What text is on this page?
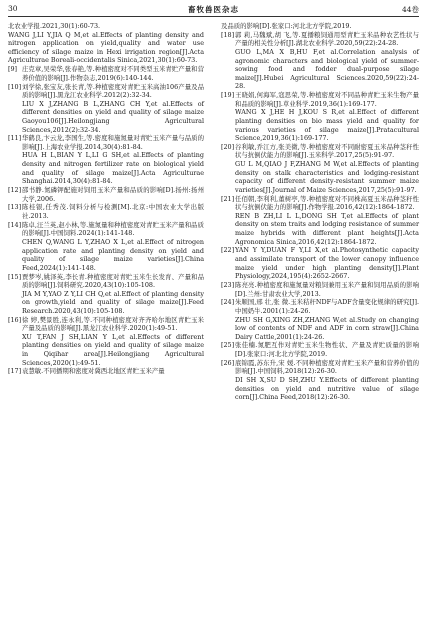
30	畜牧兽医杂志	44卷
北农业学报.2021,30(1):60-73.
WANG J,LI Y,JIA Q M,et al.Effects of planting density and nitrogen application on yield,quality and water use efficiency of silage maize in Hexi irrigation region[J].Acta Agriculturae Boreali-occidentalis Sinica,2021,30(1):60-73.
[9] 庄克章,吴荣华,张春艳,等.种植密度对不同类型玉米青贮产量和营养价值的影响[J].作物杂志,2019(6):140-144.
[10] 刘学徐,张宝友,张长青,等.种植密度对青贮玉米高油106产量及品质的影响[J].黑龙江农业科学.2012(2):32-34.
LIU X J,ZHANG B L,ZHANG CH Y,et al.Effects of different densities on yield and quality of silage maize Gaoyou106[J].Heilongjiang Agricultural Sciences,2012(2):32-34.
[11] 华鹤良,卞云龙,李国生,等.密度和施氮量对青贮玉米产量与品质的影响[J].上海农业学报.2014,30(4):81-84.
HUA H L,BIAN Y L,LI G SH,et al.Effects of planting density and nitrogen fertilizer rate on biological yield and quality of silage maize[J].Acta Agriculturae Shanghai.2014,30(4):81-84.
[12] 邵书静.氮磷钾配施对饲用玉米产量和品质的影响[D].扬州:扬州大学,2006.
[13] 陈桂银,任秀茂.饲料分析与检测[M].北京:中国农业大学出版社.2013.
[14] 陈卓,汪兰英,赵小林,等.施氮量和种植密度对青贮玉米产量和品质的影响[J].中国饲料.2024(1):141-148.
CHEN Q,WANG L Y,ZHAO X L,et al.Effect of nitrogen application rate and planting density on yield and quality of silage maize varieties[J].China Feed,2024(1):141-148.
[15] 贾梦岑,姚泽英,李长青.种植密度对青贮玉米生长发育、产量和品质的影响[J].饲料研究.2020,43(10):105-108.
JIA M Y,YAO Z Y,LI CH Q,et al.Effect of planting density on growth,yield and quality of silage maize[J].Feed Research.2020,43(10):105-108.
[16] 徐 婷,樊景胜,连永利,等.不同种植密度对齐齐哈尔地区青贮玉米产量及品质的影响[J].黑龙江农业科学.2020(1):49-51.
XU T,FAN J SH,LIAN Y L,et al.Effects of different planting densities on yield and quality of silage maize in Qiqihar area[J].Heilongjiang Agricultural Sciences,2020(1):49-51.
[17] 袁慧敏.不同播期和密度对冀西北地区青贮玉米产量
及品质的影响[D].张家口:河北北方学院,2019.
[18] 郭 莉,马魏斌,胡 飞,等.夏播粮饲通用型青贮玉米品种农艺性状与产量的相关性分析[J].湖北农业科学.2020,59(22):24-28.
GUO L,MA X B,HU F,et al.Correlation analysis of agronomic characters and biological yield of summer-sowing food and fodder dual-purpose silage maize[J].Hubei Agricultural Sciences.2020,59(22):24-28.
[19] 王晓娟,何海军,寇思荣,等.种植密度对不同品种青贮玉米生物产量和品质的影响[J].草业科学.2019,36(1):169-177.
WANG X J,HE H J,KOU S R,et al.Effect of different planting densities on bio mass yield and quality for various varieties of silage maize[J].Pratacultural Science,2019,36(1):169-177.
[20] 谷利敏,乔江方,张美微,等.种植密度对不同耐密夏玉米品种茎秆性状与抗倒伏能力的影响[J].玉米科学.2017,25(5):91-97.
GU L M,QIAO J F,ZHANG M W,et al.Effects of planting density on stalk characteristics and lodging-resistant capacity of different density-resistant summer maize varieties[J].Journal of Maize Sciences,2017,25(5):91-97.
[21] 任佰朝,李利利,董树亭,等.种植密度对不同株高夏玉米品种茎秆性状与抗倒伏能力的影响[J].作物学报.2016,42(12):1864-1872.
REN B ZH,LI L L,DONG SH T,et al.Effects of plant density on stem traits and lodging resistance of summer maize hybrids with different plant heights[J].Acta Agronomica Sinica,2016,42(12):1864-1872.
[22] YAN Y Y,DUAN F Y,LI X,et al.Photosynthetic capacity and assimilate transport of the lower canopy influence maize yield under high planting density[J].Plant Physiology,2024,195(4):2652-2667.
[23] 陈亮亮.种植密度和施氮量对粮饲兼用玉米产量和饲用品质的影响[D].兰州:甘肃农业大学,2013.
[24] 朱顺国,邢 壮,张 微.玉米秸秆NDF与ADF含量变化规律的研究[J].中国奶牛.2001(1):24-26.
ZHU SH G,XING ZH,ZHANG W,et al.Study on changing low of contents of NDF and ADF in corn straw[J].China Dairy Cattle,2001(1):24-26.
[25] 张佳楠.氮肥互作对青贮玉米生物性状、产量及青贮质量的影响[D].张家口:河北北方学院,2019.
[26] 底锦霞,苏东升,宋 媛.不同种植密度对青贮玉米产量和营养价值的影响[J].中国饲料,2018(12):26-30.
DI SH X,SU D SH,ZHU Y.Effects of different planting densities on yield and nutritive value of silage corn[J].China Feed,2018(12):26-30.
